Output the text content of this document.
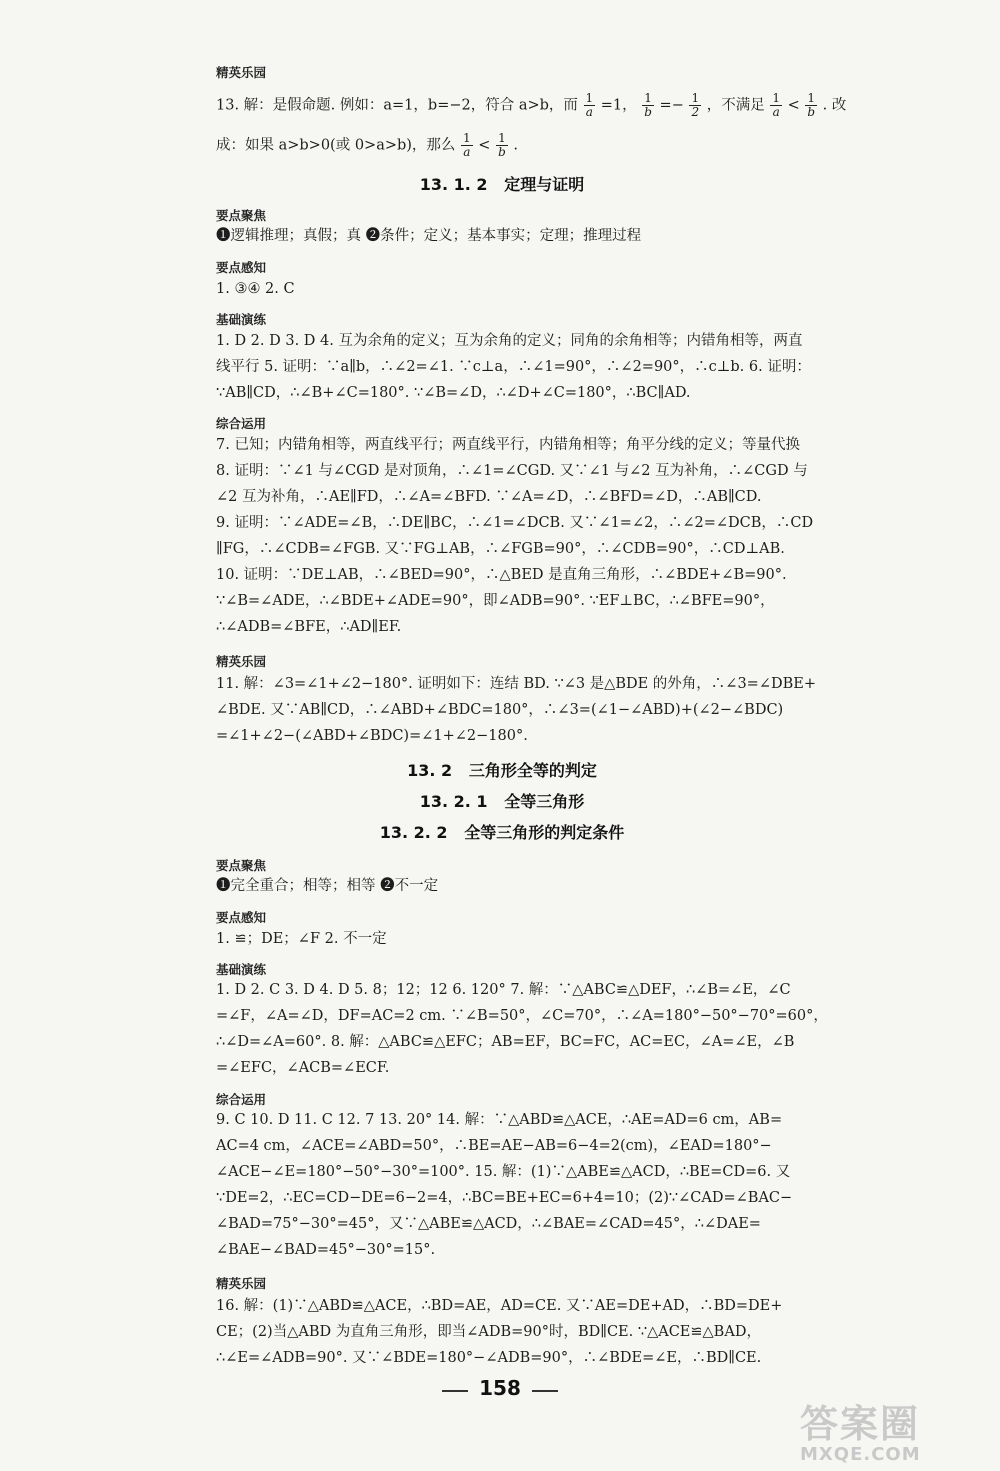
精英乐园
13. 解：是假命题. 例如：a=1，b=−2，符合 a>b，而 $\frac{1}{a} =1$， $\frac{1}{b} =- \frac{1}{2}$ ，不满足 $\frac{1}{a} < \frac{1}{b}$ . 改
成：如果 a>b>0(或 0>a>b)，那么 $\frac{1}{a} < \frac{1}{b}$ .
13. 1. 2   定理与证明
要点聚焦
❶逻辑推理；真假；真 ❷条件；定义；基本事实；定理；推理过程
要点感知
1. ③④ 2. C
基础演练
1. D 2. D 3. D 4. 互为余角的定义；互为余角的定义；同角的余角相等；内错角相等，两直
线平行 5. 证明：∵a∥b，∴∠2=∠1. ∵c⊥a，∴∠1=90°，∴∠2=90°，∴c⊥b. 6. 证明：
∵AB∥CD，∴∠B+∠C=180°. ∵∠B=∠D，∴∠D+∠C=180°，∴BC∥AD.
综合运用
7. 已知；内错角相等，两直线平行；两直线平行，内错角相等；角平分线的定义；等量代换
8. 证明：∵∠1 与∠CGD 是对顶角，∴∠1=∠CGD. 又∵∠1 与∠2 互为补角，∴∠CGD 与
∠2 互为补角，∴AE∥FD，∴∠A=∠BFD. ∵∠A=∠D，∴∠BFD=∠D，∴AB∥CD.
9. 证明：∵∠ADE=∠B，∴DE∥BC，∴∠1=∠DCB. 又∵∠1=∠2，∴∠2=∠DCB，∴CD
∥FG，∴∠CDB=∠FGB. 又∵FG⊥AB，∴∠FGB=90°，∴∠CDB=90°，∴CD⊥AB.
10. 证明：∵DE⊥AB，∴∠BED=90°，∴△BED 是直角三角形，∴∠BDE+∠B=90°.
∵∠B=∠ADE，∴∠BDE+∠ADE=90°，即∠ADB=90°. ∵EF⊥BC，∴∠BFE=90°，
∴∠ADB=∠BFE，∴AD∥EF.
精英乐园
11. 解：∠3=∠1+∠2−180°. 证明如下：连结 BD. ∵∠3 是△BDE 的外角，∴∠3=∠DBE+
∠BDE. 又∵AB∥CD，∴∠ABD+∠BDC=180°，∴∠3=(∠1−∠ABD)+(∠2−∠BDC)
=∠1+∠2−(∠ABD+∠BDC)=∠1+∠2−180°.
13. 2   三角形全等的判定
13. 2. 1   全等三角形
13. 2. 2   全等三角形的判定条件
要点聚焦
❶完全重合；相等；相等 ❷不一定
要点感知
1. ≌；DE；∠F 2. 不一定
基础演练
1. D 2. C 3. D 4. D 5. 8；12；12 6. 120° 7. 解：∵△ABC≌△DEF，∴∠B=∠E，∠C
=∠F，∠A=∠D，DF=AC=2 cm. ∵∠B=50°，∠C=70°，∴∠A=180°−50°−70°=60°，
∴∠D=∠A=60°. 8. 解：△ABC≌△EFC；AB=EF，BC=FC，AC=EC，∠A=∠E，∠B
=∠EFC，∠ACB=∠ECF.
综合运用
9. C 10. D 11. C 12. 7 13. 20° 14. 解：∵△ABD≌△ACE，∴AE=AD=6 cm，AB=
AC=4 cm，∠ACE=∠ABD=50°，∴BE=AE−AB=6−4=2(cm)，∠EAD=180°−
∠ACE−∠E=180°−50°−30°=100°. 15. 解：(1)∵△ABE≌△ACD，∴BE=CD=6. 又
∵DE=2，∴EC=CD−DE=6−2=4，∴BC=BE+EC=6+4=10；(2)∵∠CAD=∠BAC−
∠BAD=75°−30°=45°，又∵△ABE≌△ACD，∴∠BAE=∠CAD=45°，∴∠DAE=
∠BAE−∠BAD=45°−30°=15°.
精英乐园
16. 解：(1)∵△ABD≌△ACE，∴BD=AE，AD=CE. 又∵AE=DE+AD，∴BD=DE+
CE；(2)当△ABD 为直角三角形，即当∠ADB=90°时，BD∥CE. ∵△ACE≌△BAD，
∴∠E=∠ADB=90°. 又∵∠BDE=180°−∠ADB=90°，∴∠BDE=∠E，∴BD∥CE.
158
答案圈
MXQE.COM
